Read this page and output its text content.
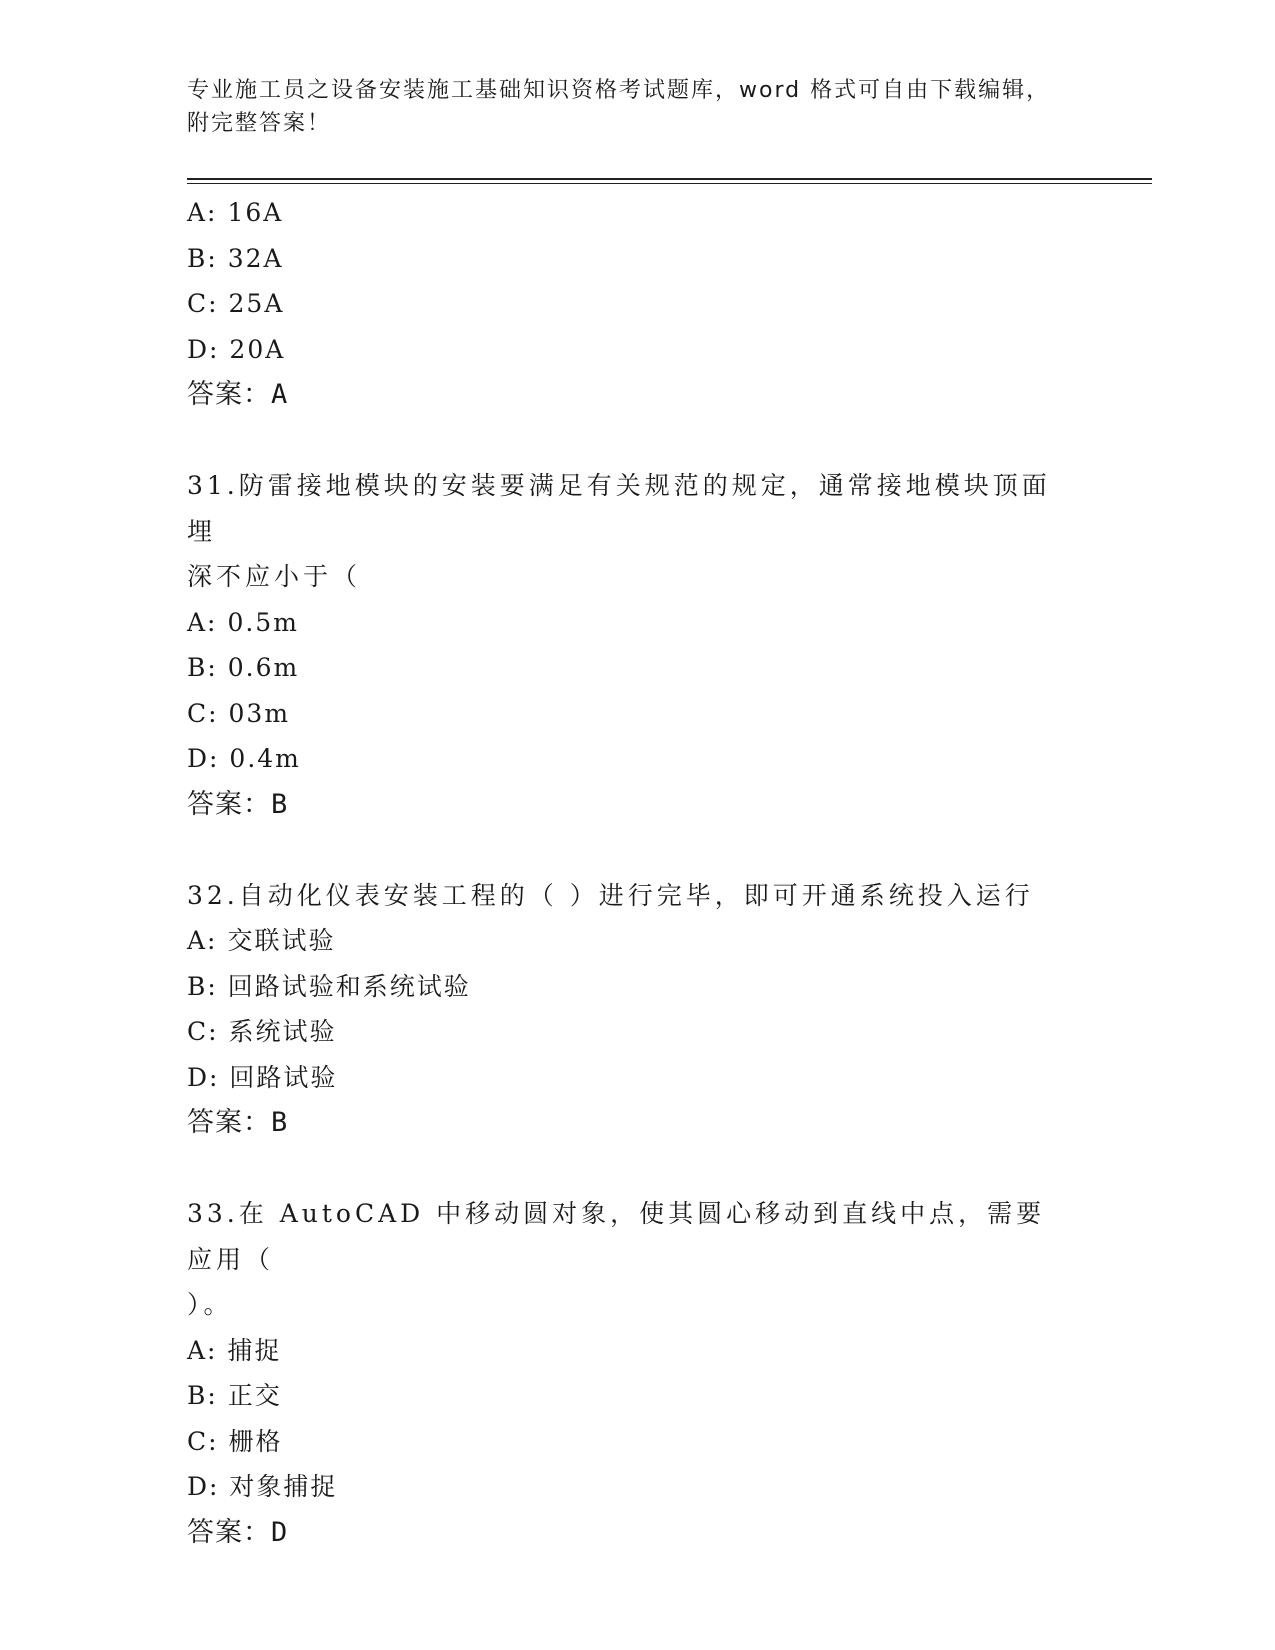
专业施工员之设备安装施工基础知识资格考试题库，word 格式可自由下载编辑，
附完整答案！
A: 16A
B: 32A
C: 25A
D: 20A
答案：A
31.防雷接地模块的安装要满足有关规范的规定，通常接地模块顶面埋
深不应小于（
A: 0.5m
B: 0.6m
C: 03m
D: 0.4m
答案：B
32.自动化仪表安装工程的（ ）进行完毕，即可开通系统投入运行
A: 交联试验
B: 回路试验和系统试验
C: 系统试验
D: 回路试验
答案：B
33.在 AutoCAD 中移动圆对象，使其圆心移动到直线中点，需要应用（
）。
A: 捕捉
B: 正交
C: 栅格
D: 对象捕捉
答案：D
